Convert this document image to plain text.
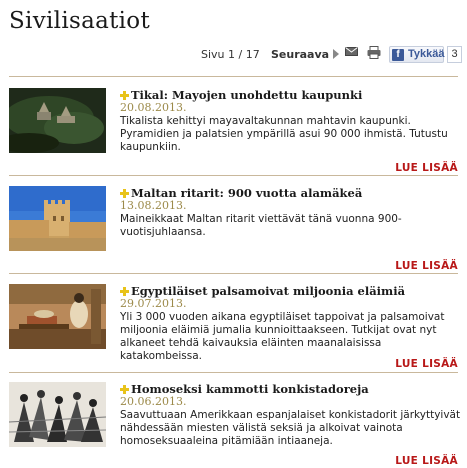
Sivilisaatiot
Sivu 1 / 17 Seuraava	f Tykkää 3
Tikal: Mayojen unohdettu kaupunki
20.08.2013.
Tikalista kehittyi mayavaltakunnan mahtavin kaupunki. Pyramidien ja palatsien ympärillä asui 90 000 ihmistä. Tutustu kaupunkiin.
LUE LISÄÄ
Maltan ritarit: 900 vuotta alamäkeä
13.08.2013.
Maineikkaat Maltan ritarit viettävät tänä vuonna 900-vuotisjuhlaansa.
LUE LISÄÄ
Egyptiläiset palsamoivat miljoonia eläimiä
29.07.2013.
Yli 3 000 vuoden aikana egyptiläiset tappoivat ja palsamoivat miljoonia eläimiä jumalia kunnioittaakseen. Tutkijat ovat nyt alkaneet tehdä kaivauksia eläinten maanalaisissa katakombeissa.
LUE LISÄÄ
Homoseksi kammotti konkistadoreja
20.06.2013.
Saavuttuaan Amerikkaan espanjalaiset konkistadorit järkyttyivät nähdessään miesten välistä seksiä ja alkoivat vainota homoseksuaaleina pitämiään intiaaneja.
LUE LISÄÄ
